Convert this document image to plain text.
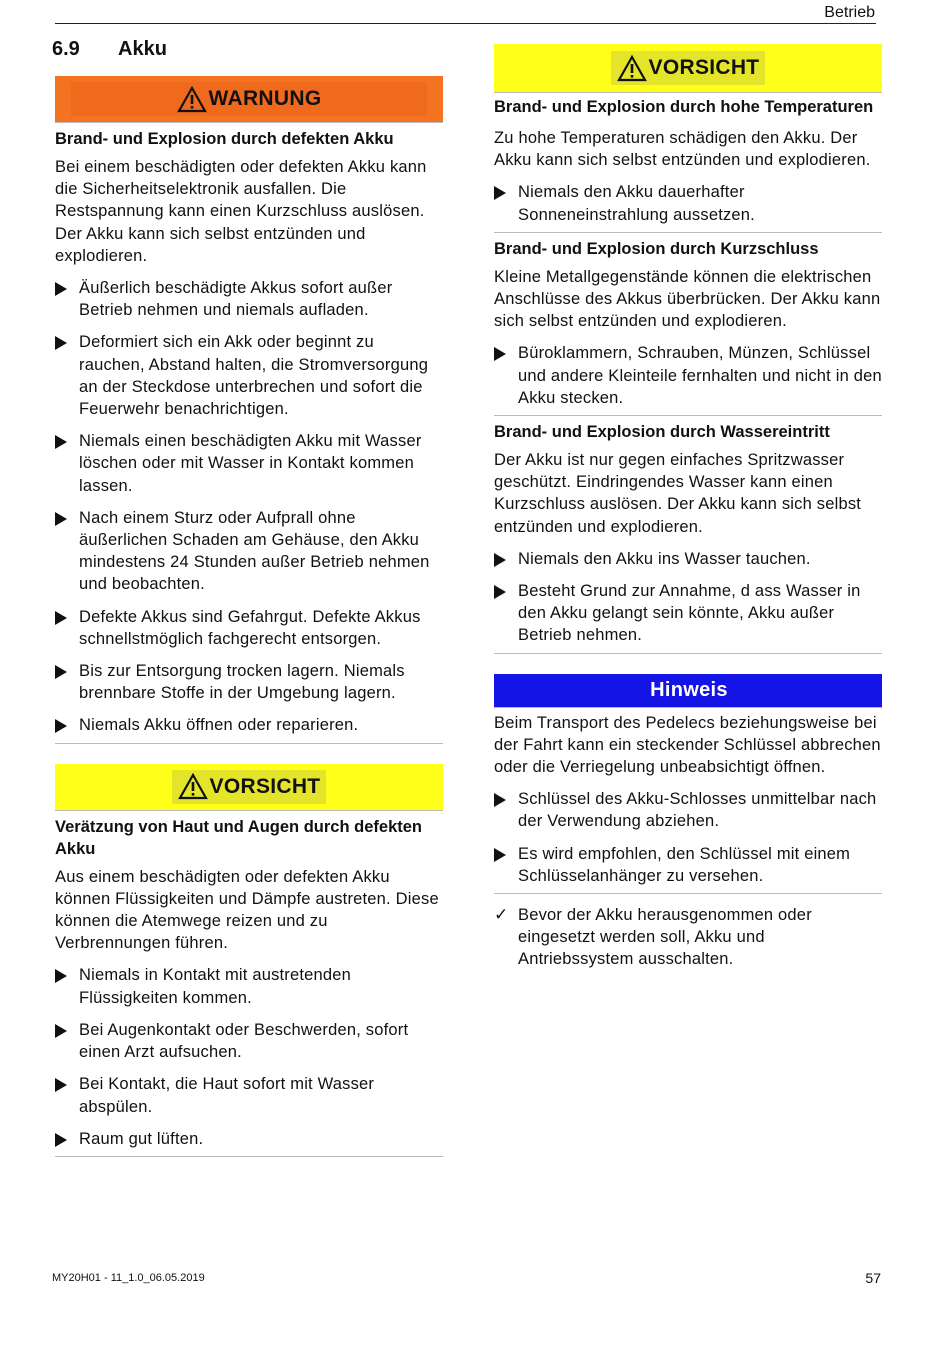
Betrieb
6.9 Akku
WARNUNG
Brand- und Explosion durch defekten Akku

Bei einem beschädigten oder defekten Akku kann die Sicherheitselektronik ausfallen. Die Restspannung kann einen Kurzschluss auslösen. Der Akku kann sich selbst entzünden und explodieren.

Äußerlich beschädigte Akkus sofort außer Betrieb nehmen und niemals aufladen.
Deformiert sich ein Akk oder beginnt zu rauchen, Abstand halten, die Stromversorgung an der Steckdose unterbrechen und sofort die Feuerwehr benachrichtigen.
Niemals einen beschädigten Akku mit Wasser löschen oder mit Wasser in Kontakt kommen lassen.
Nach einem Sturz oder Aufprall ohne äußerlichen Schaden am Gehäuse, den Akku mindestens 24 Stunden außer Betrieb nehmen und beobachten.
Defekte Akkus sind Gefahrgut. Defekte Akkus schnellstmöglich fachgerecht entsorgen.
Bis zur Entsorgung trocken lagern. Niemals brennbare Stoffe in der Umgebung lagern.
Niemals Akku öffnen oder reparieren.
VORSICHT
Verätzung von Haut und Augen durch defekten Akku

Aus einem beschädigten oder defekten Akku können Flüssigkeiten und Dämpfe austreten. Diese können die Atemwege reizen und zu Verbrennungen führen.

Niemals in Kontakt mit austretenden Flüssigkeiten kommen.
Bei Augenkontakt oder Beschwerden, sofort einen Arzt aufsuchen.
Bei Kontakt, die Haut sofort mit Wasser abspülen.
Raum gut lüften.
VORSICHT
Brand- und Explosion durch hohe Temperaturen

Zu hohe Temperaturen schädigen den Akku. Der Akku kann sich selbst entzünden und explodieren.

Niemals den Akku dauerhafter Sonneneinstrahlung aussetzen.
Brand- und Explosion durch Kurzschluss

Kleine Metallgegenstände können die elektrischen Anschlüsse des Akkus überbrücken. Der Akku kann sich selbst entzünden und explodieren.

Büroklammern, Schrauben, Münzen, Schlüssel und andere Kleinteile fernhalten und nicht in den Akku stecken.
Brand- und Explosion durch Wassereintritt

Der Akku ist nur gegen einfaches Spritzwasser geschützt. Eindringendes Wasser kann einen Kurzschluss auslösen. Der Akku kann sich selbst entzünden und explodieren.

Niemals den Akku ins Wasser tauchen.
Besteht Grund zur Annahme, d ass Wasser in den Akku gelangt sein könnte, Akku außer Betrieb nehmen.
Hinweis

Beim Transport des Pedelecs beziehungsweise bei der Fahrt kann ein steckender Schlüssel abbrechen oder die Verriegelung unbeabsichtigt öffnen.

Schlüssel des Akku-Schlosses unmittelbar nach der Verwendung abziehen.
Es wird empfohlen, den Schlüssel mit einem Schlüsselanhänger zu versehen.
✓ Bevor der Akku herausgenommen oder eingesetzt werden soll, Akku und Antriebssystem ausschalten.
MY20H01 - 11_1.0_06.05.2019	57
